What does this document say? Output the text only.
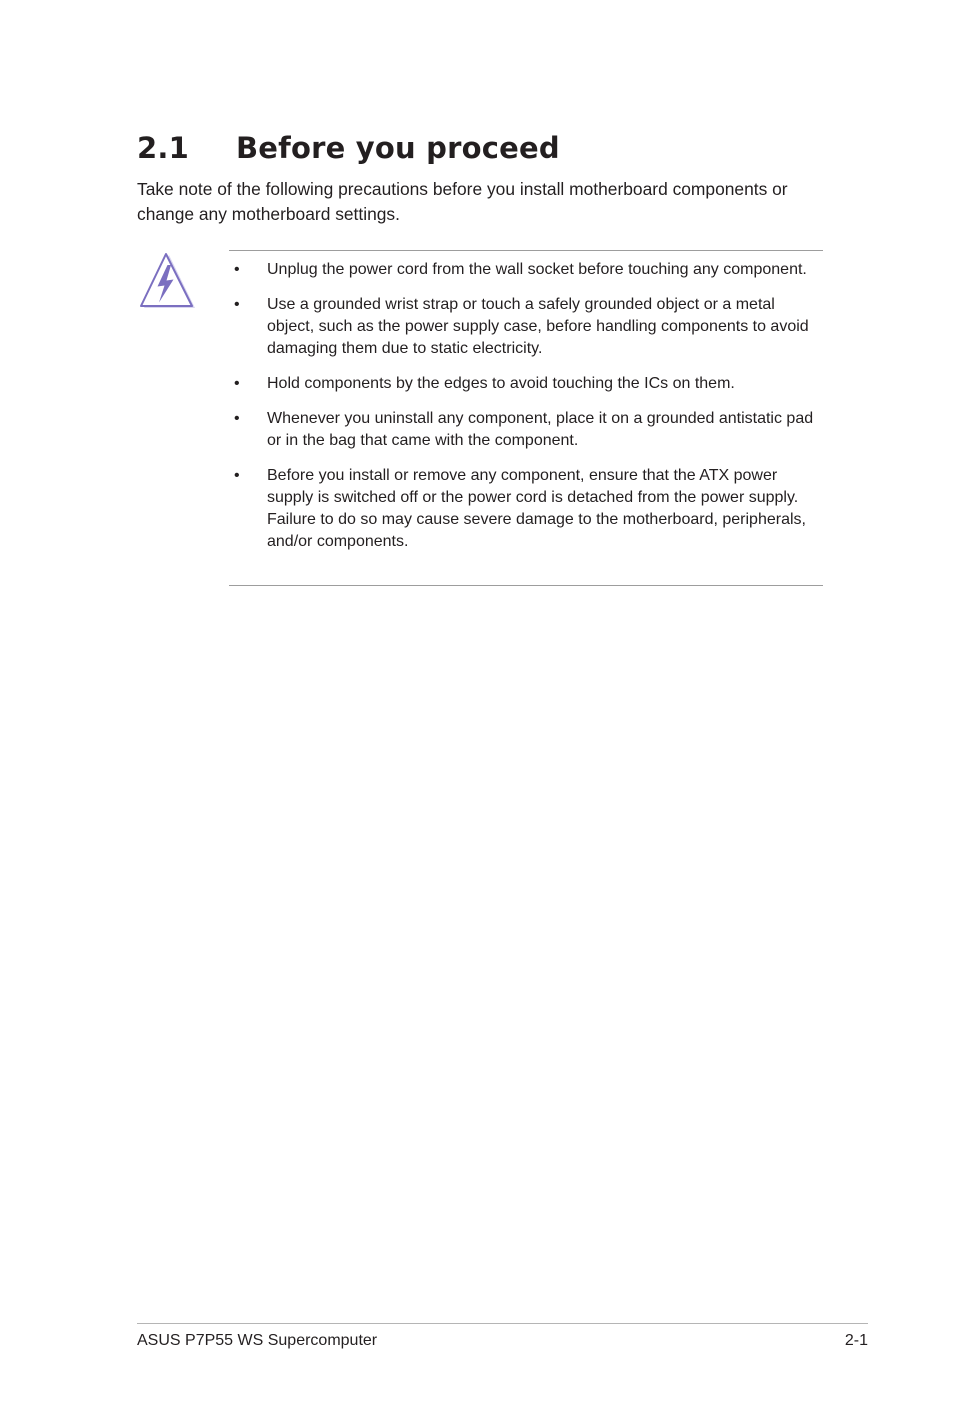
2.1 Before you proceed

Take note of the following precautions before you install motherboard components or change any motherboard settings.

• Unplug the power cord from the wall socket before touching any component.
• Use a grounded wrist strap or touch a safely grounded object or a metal object, such as the power supply case, before handling components to avoid damaging them due to static electricity.
• Hold components by the edges to avoid touching the ICs on them.
• Whenever you uninstall any component, place it on a grounded antistatic pad or in the bag that came with the component.
• Before you install or remove any component, ensure that the ATX power supply is switched off or the power cord is detached from the power supply. Failure to do so may cause severe damage to the motherboard, peripherals, and/or components.
ASUS P7P55 WS Supercomputer	2-1
